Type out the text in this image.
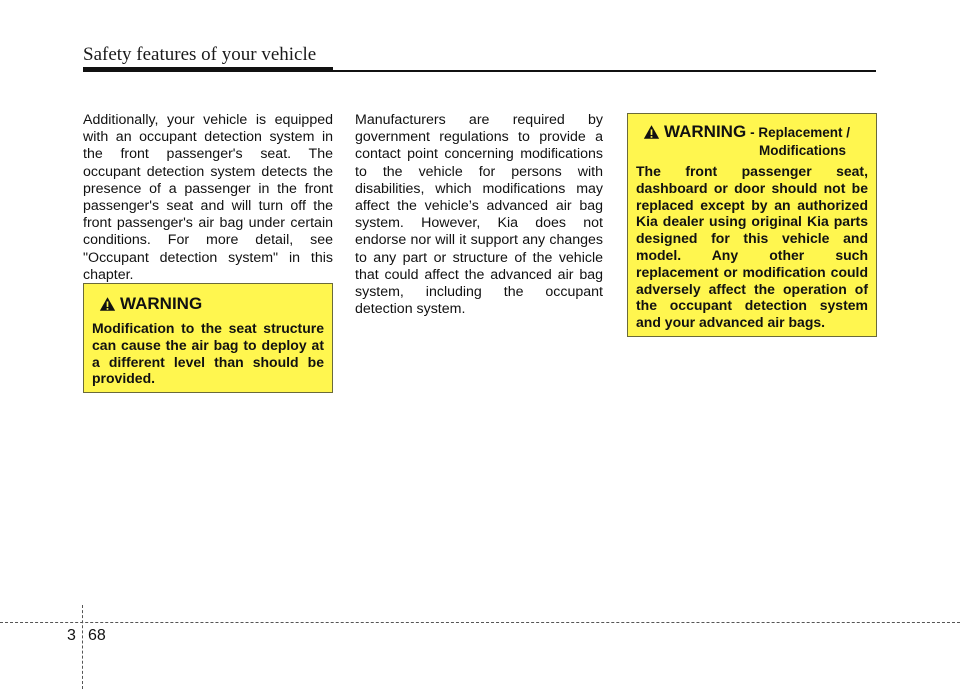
Safety features of your vehicle
Additionally, your vehicle is equipped with an occupant detection system in the front passenger's seat. The occupant detection system detects the presence of a passenger in the front passenger's seat and will turn off the front passenger's air bag under certain conditions. For more detail, see "Occupant detection system" in this chapter.
Manufacturers are required by government regulations to provide a contact point concerning modifications to the vehicle for persons with disabilities, which modifications may affect the vehicle’s advanced air bag system. However, Kia does not endorse nor will it support any changes to any part or structure of the vehicle that could affect the advanced air bag system, including the occupant detection system.
WARNING
Modification to the seat structure can cause the air bag to deploy at a different level than should be provided.
WARNING - Replacement /
Modifications
The front passenger seat, dashboard or door should not be replaced except by an authorized Kia dealer using original Kia parts designed for this vehicle and model. Any other such replacement or modification could adversely affect the operation of the occupant detection system and your advanced air bags.
3 68
